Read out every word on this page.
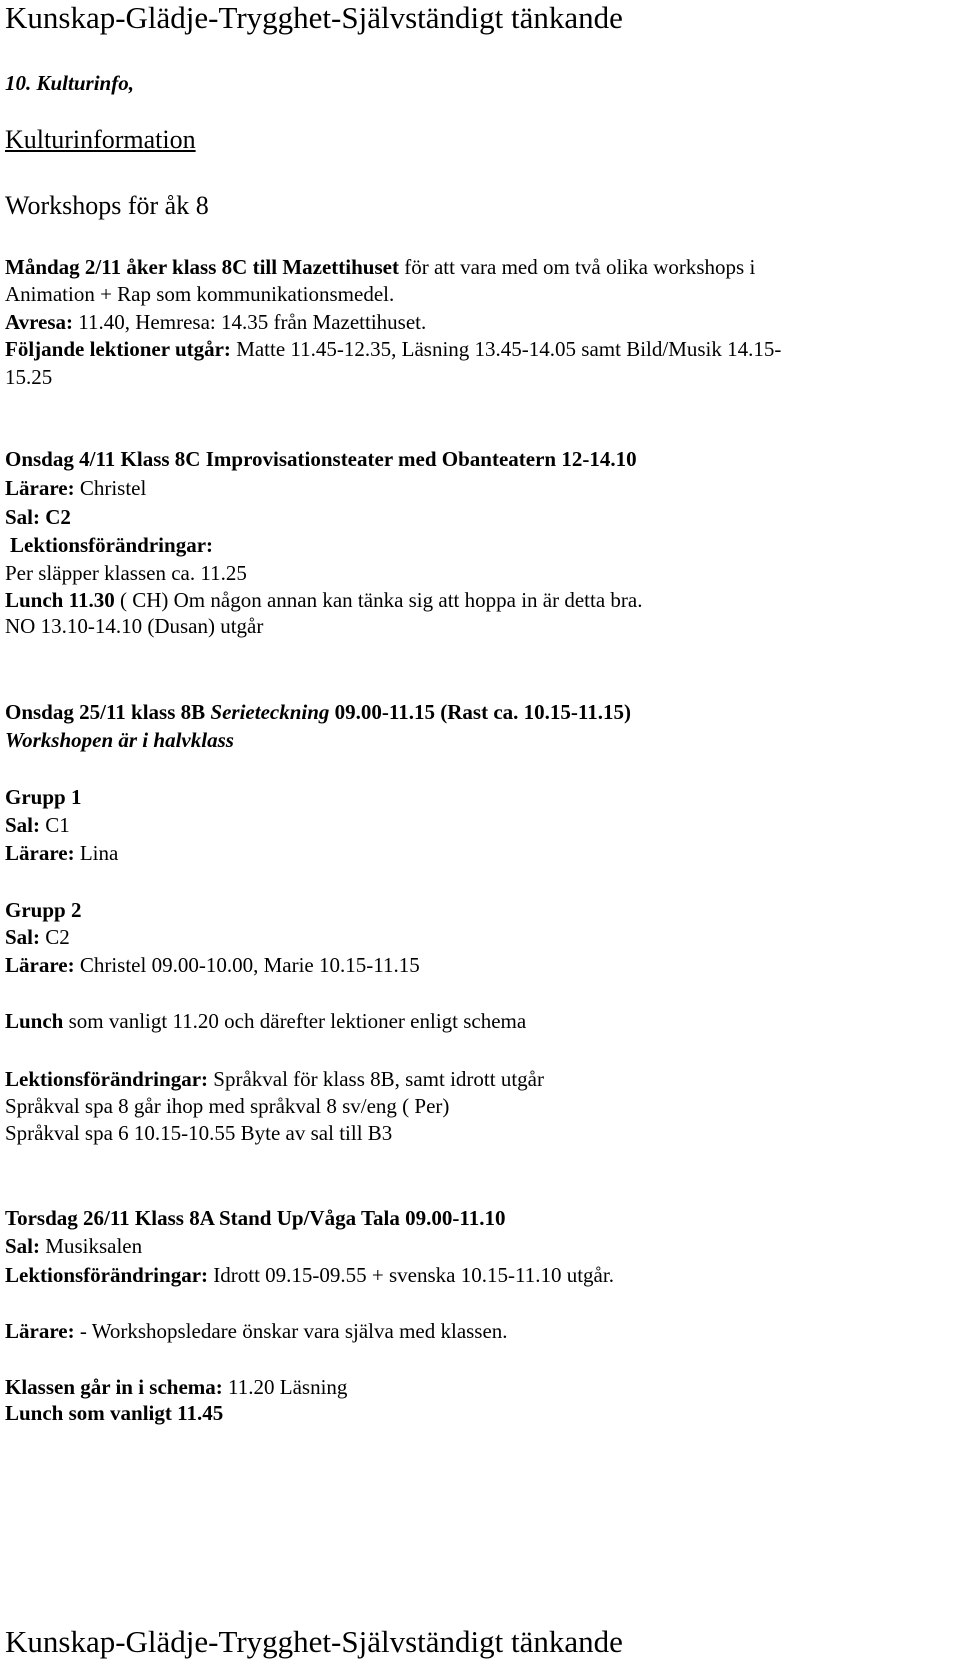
Kunskap-Glädje-Trygghet-Självständigt tänkande
10. Kulturinfo,
Kulturinformation
Workshops för åk 8
Måndag 2/11 åker klass 8C till Mazettihuset för att vara med om två olika workshops i
Animation + Rap som kommunikationsmedel.
Avresa: 11.40, Hemresa: 14.35 från Mazettihuset.
Följande lektioner utgår: Matte 11.45-12.35, Läsning 13.45-14.05 samt Bild/Musik 14.15-
15.25
Onsdag 4/11 Klass 8C Improvisationsteater med Obanteatern 12-14.10
Lärare: Christel
Sal: C2
Lektionsförändringar:
Per släpper klassen ca. 11.25
Lunch 11.30 ( CH) Om någon annan kan tänka sig att hoppa in är detta bra.
NO 13.10-14.10 (Dusan) utgår
Onsdag 25/11 klass 8B Serieteckning 09.00-11.15 (Rast ca. 10.15-11.15)
Workshopen är i halvklass
Grupp 1
Sal: C1
Lärare: Lina
Grupp 2
Sal: C2
Lärare: Christel 09.00-10.00, Marie 10.15-11.15
Lunch som vanligt 11.20 och därefter lektioner enligt schema
Lektionsförändringar: Språkval för klass 8B, samt idrott utgår
Språkval spa 8 går ihop med språkval 8 sv/eng ( Per)
Språkval spa 6 10.15-10.55 Byte av sal till B3
Torsdag 26/11 Klass 8A Stand Up/Våga Tala 09.00-11.10
Sal: Musiksalen
Lektionsförändringar: Idrott 09.15-09.55 + svenska 10.15-11.10 utgår.
Lärare: - Workshopsledare önskar vara själva med klassen.
Klassen går in i schema: 11.20 Läsning
Lunch som vanligt 11.45
Kunskap-Glädje-Trygghet-Självständigt tänkande
